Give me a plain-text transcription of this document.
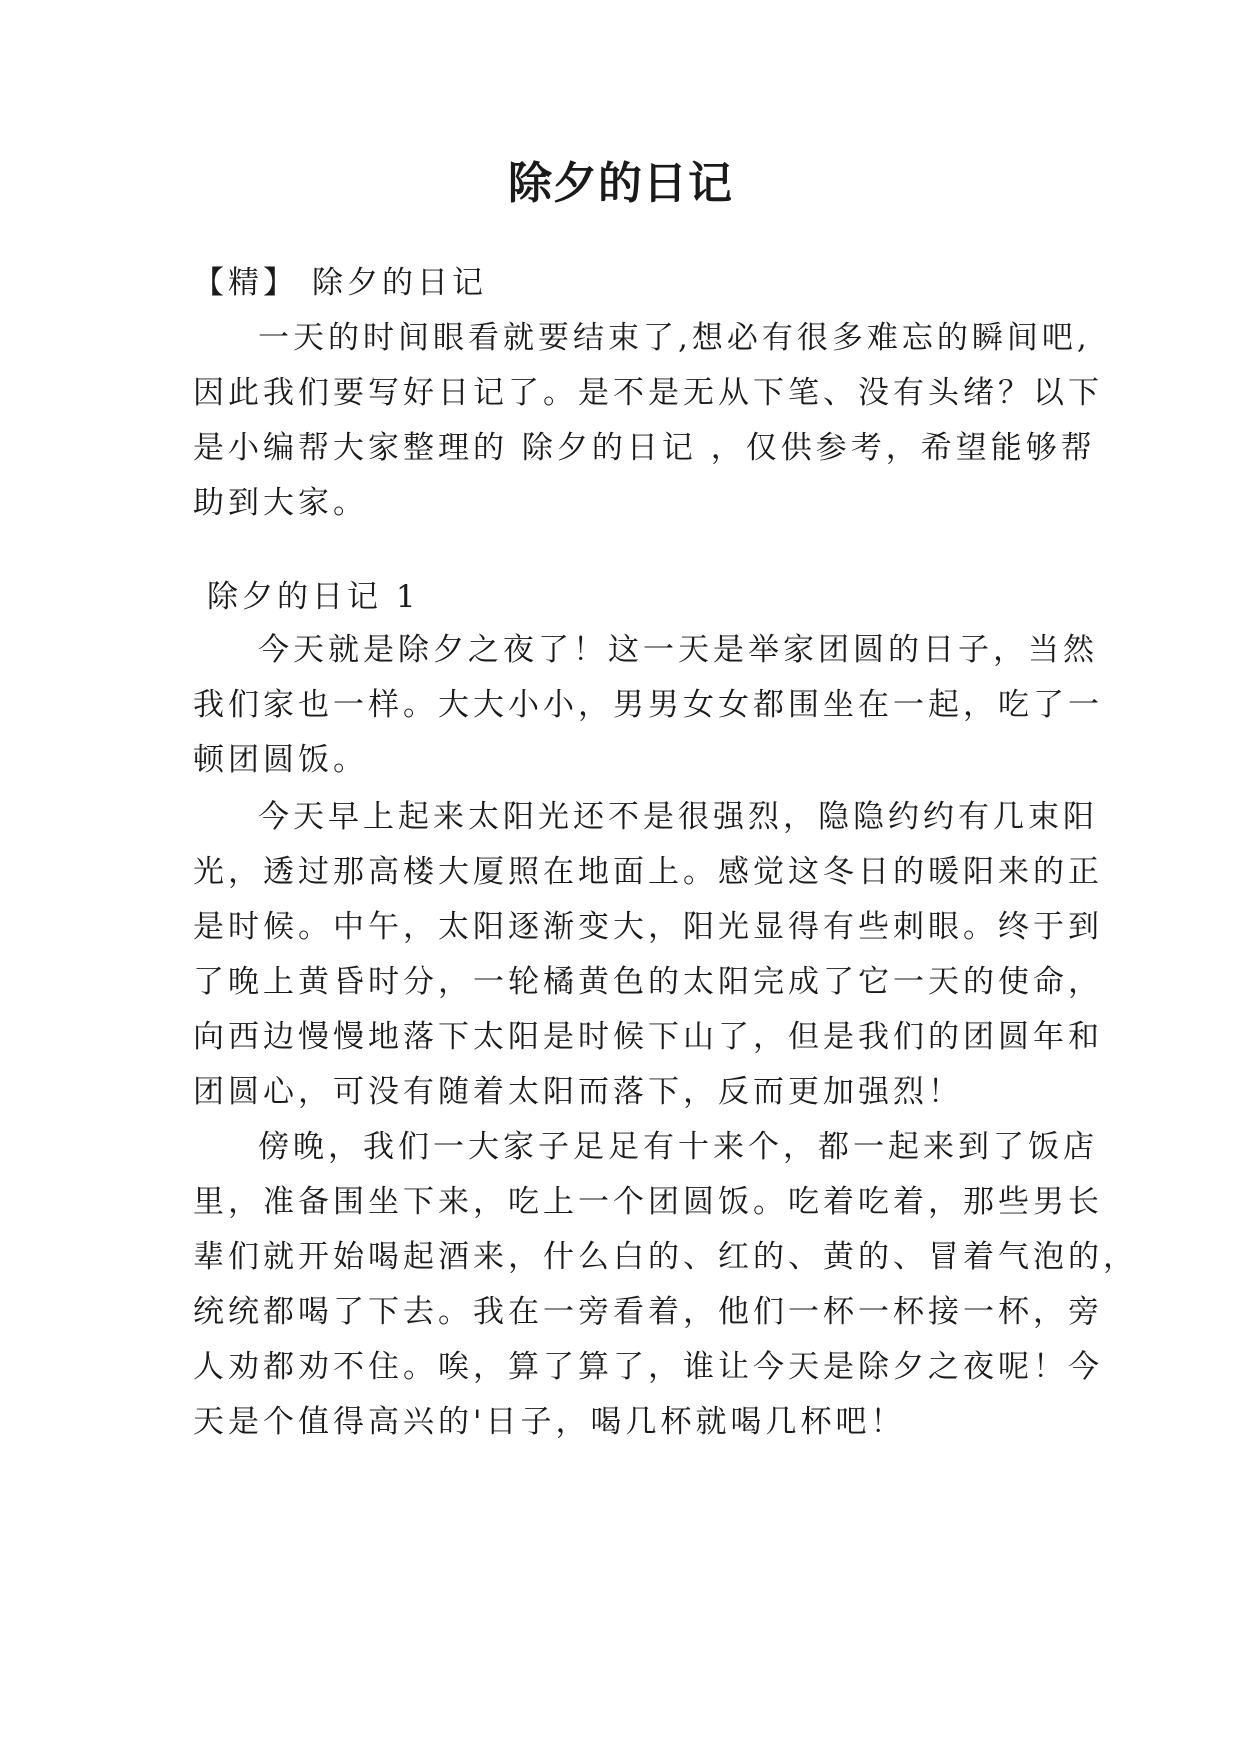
除夕的日记
【精】 除夕的日记
一天的时间眼看就要结束了,想必有很多难忘的瞬间吧,
因此我们要写好日记了。是不是无从下笔、没有头绪？以下
是小编帮大家整理的 除夕的日记 ，仅供参考，希望能够帮
助到大家。
除夕的日记 1
今天就是除夕之夜了！这一天是举家团圆的日子，当然
我们家也一样。大大小小，男男女女都围坐在一起，吃了一
顿团圆饭。
今天早上起来太阳光还不是很强烈，隐隐约约有几束阳
光，透过那高楼大厦照在地面上。感觉这冬日的暖阳来的正
是时候。中午，太阳逐渐变大，阳光显得有些刺眼。终于到
了晚上黄昏时分，一轮橘黄色的太阳完成了它一天的使命，
向西边慢慢地落下太阳是时候下山了，但是我们的团圆年和
团圆心，可没有随着太阳而落下，反而更加强烈！
傍晚，我们一大家子足足有十来个，都一起来到了饭店
里，准备围坐下来，吃上一个团圆饭。吃着吃着，那些男长
辈们就开始喝起酒来，什么白的、红的、黄的、冒着气泡的，
统统都喝了下去。我在一旁看着，他们一杯一杯接一杯，旁
人劝都劝不住。唉，算了算了，谁让今天是除夕之夜呢！今
天是个值得高兴的'日子，喝几杯就喝几杯吧！
